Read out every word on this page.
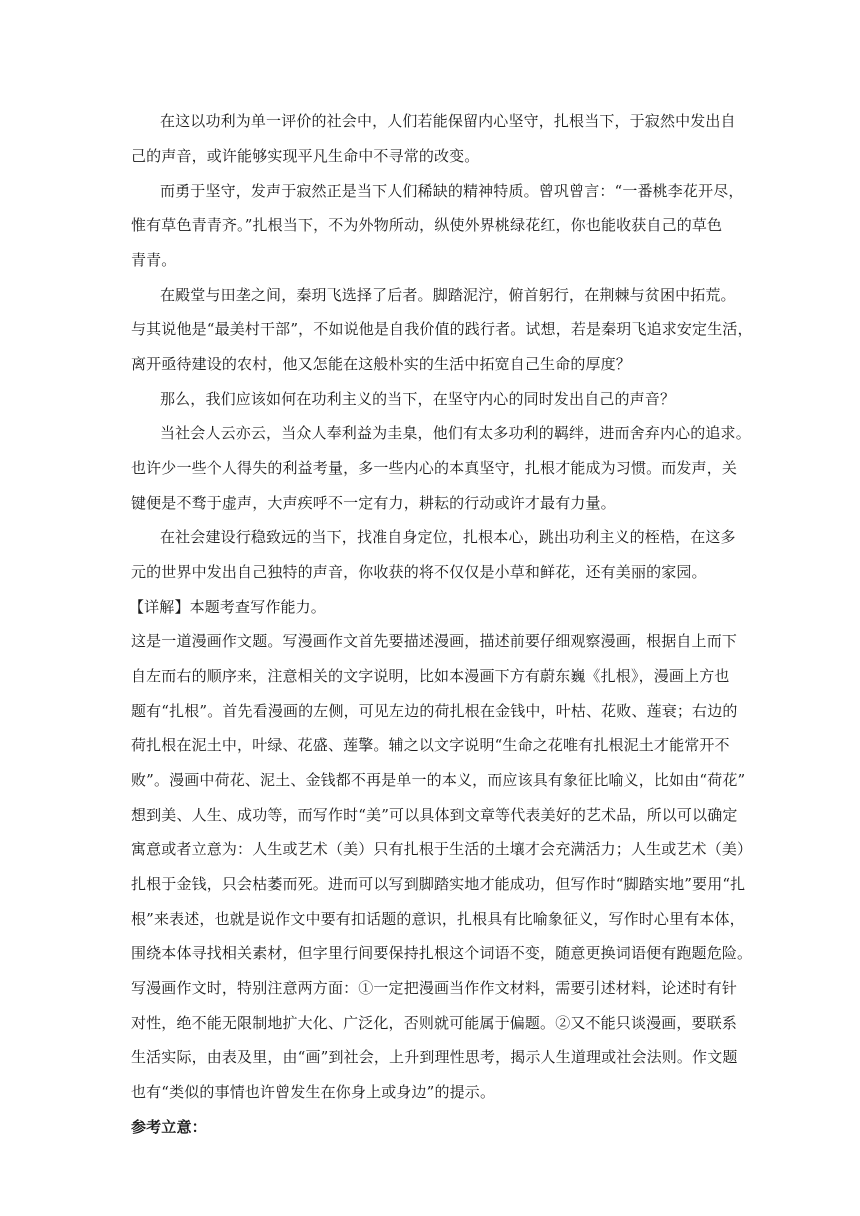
在这以功利为单一评价的社会中，人们若能保留内心坚守，扎根当下，于寂然中发出自
己的声音，或许能够实现平凡生命中不寻常的改变。
而勇于坚守，发声于寂然正是当下人们稀缺的精神特质。曾巩曾言：“一番桃李花开尽，
惟有草色青青齐。”扎根当下，不为外物所动，纵使外界桃绿花红，你也能收获自己的草色
青青。
在殿堂与田垄之间，秦玥飞选择了后者。脚踏泥泞，俯首躬行，在荆棘与贫困中拓荒。
与其说他是“最美村干部”，不如说他是自我价值的践行者。试想，若是秦玥飞追求安定生活，
离开亟待建设的农村，他又怎能在这般朴实的生活中拓宽自己生命的厚度？
那么，我们应该如何在功利主义的当下，在坚守内心的同时发出自己的声音？
当社会人云亦云，当众人奉利益为圭臬，他们有太多功利的羁绊，进而舍弃内心的追求。
也许少一些个人得失的利益考量，多一些内心的本真坚守，扎根才能成为习惯。而发声，关
键便是不骛于虚声，大声疾呼不一定有力，耕耘的行动或许才最有力量。
在社会建设行稳致远的当下，找准自身定位，扎根本心，跳出功利主义的桎梏，在这多
元的世界中发出自己独特的声音，你收获的将不仅仅是小草和鲜花，还有美丽的家园。
【详解】本题考查写作能力。
这是一道漫画作文题。写漫画作文首先要描述漫画，描述前要仔细观察漫画，根据自上而下
自左而右的顺序来，注意相关的文字说明，比如本漫画下方有蔚东巍《扎根》，漫画上方也
题有“扎根”。首先看漫画的左侧，可见左边的荷扎根在金钱中，叶枯、花败、莲衰；右边的
荷扎根在泥土中，叶绿、花盛、莲擎。辅之以文字说明“生命之花唯有扎根泥土才能常开不
败”。漫画中荷花、泥土、金钱都不再是单一的本义，而应该具有象征比喻义，比如由“荷花”
想到美、人生、成功等，而写作时“美”可以具体到文章等代表美好的艺术品，所以可以确定
寓意或者立意为：人生或艺术（美）只有扎根于生活的土壤才会充满活力；人生或艺术（美）
扎根于金钱，只会枯萎而死。进而可以写到脚踏实地才能成功，但写作时“脚踏实地”要用“扎
根”来表述，也就是说作文中要有扣话题的意识，扎根具有比喻象征义，写作时心里有本体，
围绕本体寻找相关素材，但字里行间要保持扎根这个词语不变，随意更换词语便有跑题危险。
写漫画作文时，特别注意两方面：①一定把漫画当作作文材料，需要引述材料，论述时有针
对性，绝不能无限制地扩大化、广泛化，否则就可能属于偏题。②又不能只谈漫画，要联系
生活实际，由表及里，由“画”到社会，上升到理性思考，揭示人生道理或社会法则。作文题
也有“类似的事情也许曾发生在你身上或身边”的提示。
参考立意：
